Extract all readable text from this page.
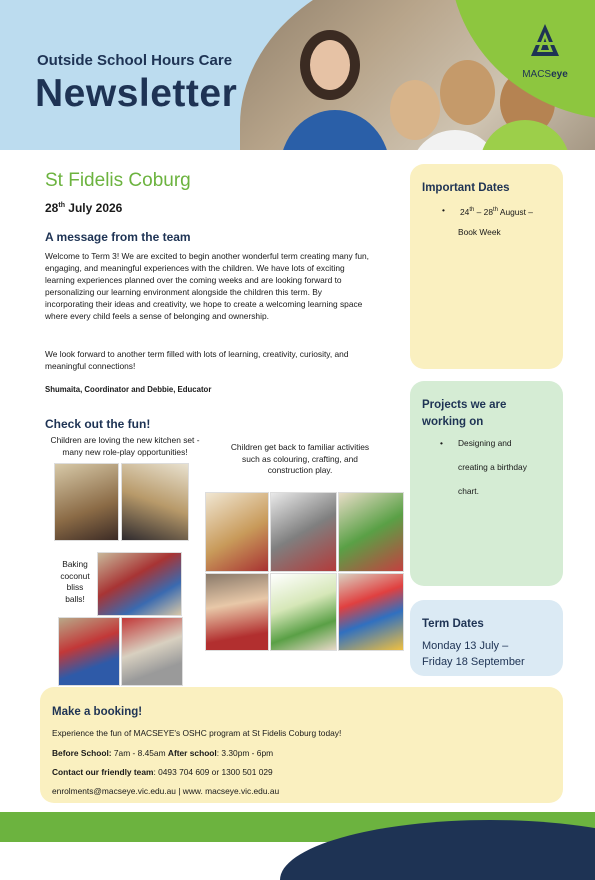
Outside School Hours Care
Newsletter	MACSeye
St Fidelis Coburg
28th July 2026
A message from the team
Welcome to Term 3! We are excited to begin another wonderful term creating many fun, engaging, and meaningful experiences with the children. We have lots of exciting learning experiences planned over the coming weeks and are looking forward to personalizing our learning environment alongside the children this term. By incorporating their ideas and creativity, we hope to create a welcoming learning space where every child feels a sense of belonging and ownership.
We look forward to another term filled with lots of learning, creativity, curiosity, and meaningful connections!
Shumaita, Coordinator and Debbie, Educator
Check out the fun!
Children are loving the new kitchen set - many new role-play opportunities!	Children get back to familiar activities such as colouring, crafting, and construction play.
Baking coconut bliss balls!
Important Dates
• 24th – 28th August –
Book Week
Projects we are
working on
• Designing and
creating a birthday
chart.
Term Dates
Monday 13 July –
Friday 18 September
Make a booking!
Experience the fun of MACSEYE's OSHC program at St Fidelis Coburg today!
Before School: 7am - 8.45am After school: 3.30pm - 6pm
Contact our friendly team: 0493 704 609 or 1300 501 029
enrolments@macseye.vic.edu.au | www. macseye.vic.edu.au
